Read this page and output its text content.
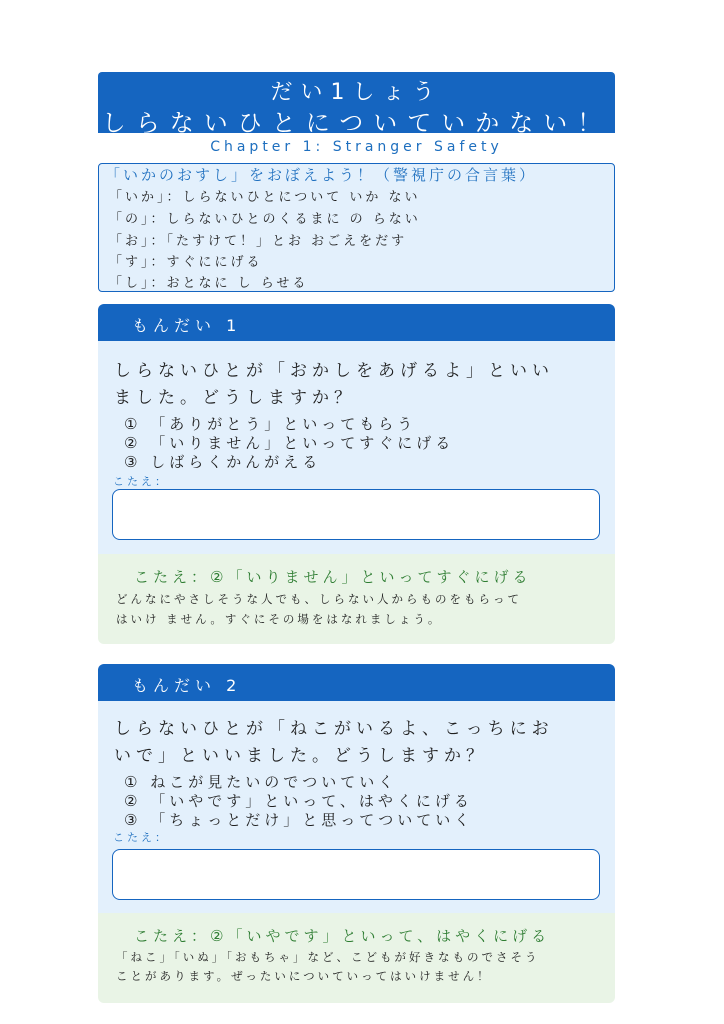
だい1しょう
しらないひとについていかない！
Chapter 1: Stranger Safety
「いかのおすし」をおぼえよう！（警視庁の合言葉）
「いか」：しらないひとについて いか ない
「の」：しらないひとのくるまに の らない
「お」：「たすけて！」とお おごえをだす
「す」：すぐににげる
「し」：おとなに し らせる
もんだい 1
しらないひとが「おかしをあげるよ」といい
ました。どうしますか？
① 「ありがとう」といってもらう
② 「いりません」といってすぐにげる
③ しばらくかんがえる
こたえ：
こたえ：②「いりません」といってすぐにげる
どんなにやさしそうな人でも、しらない人からものをもらって
はいけ ません。すぐにその場をはなれましょう。
もんだい 2
しらないひとが「ねこがいるよ、こっちにお
いで」といいました。どうしますか？
① ねこが見たいのでついていく
② 「いやです」といって、はやくにげる
③ 「ちょっとだけ」と思ってついていく
こたえ：
こたえ：②「いやです」といって、はやくにげる
「ねこ」「いぬ」「おもちゃ」など、こどもが好きなものでさそう
ことがあります。ぜったいについていってはいけません！
